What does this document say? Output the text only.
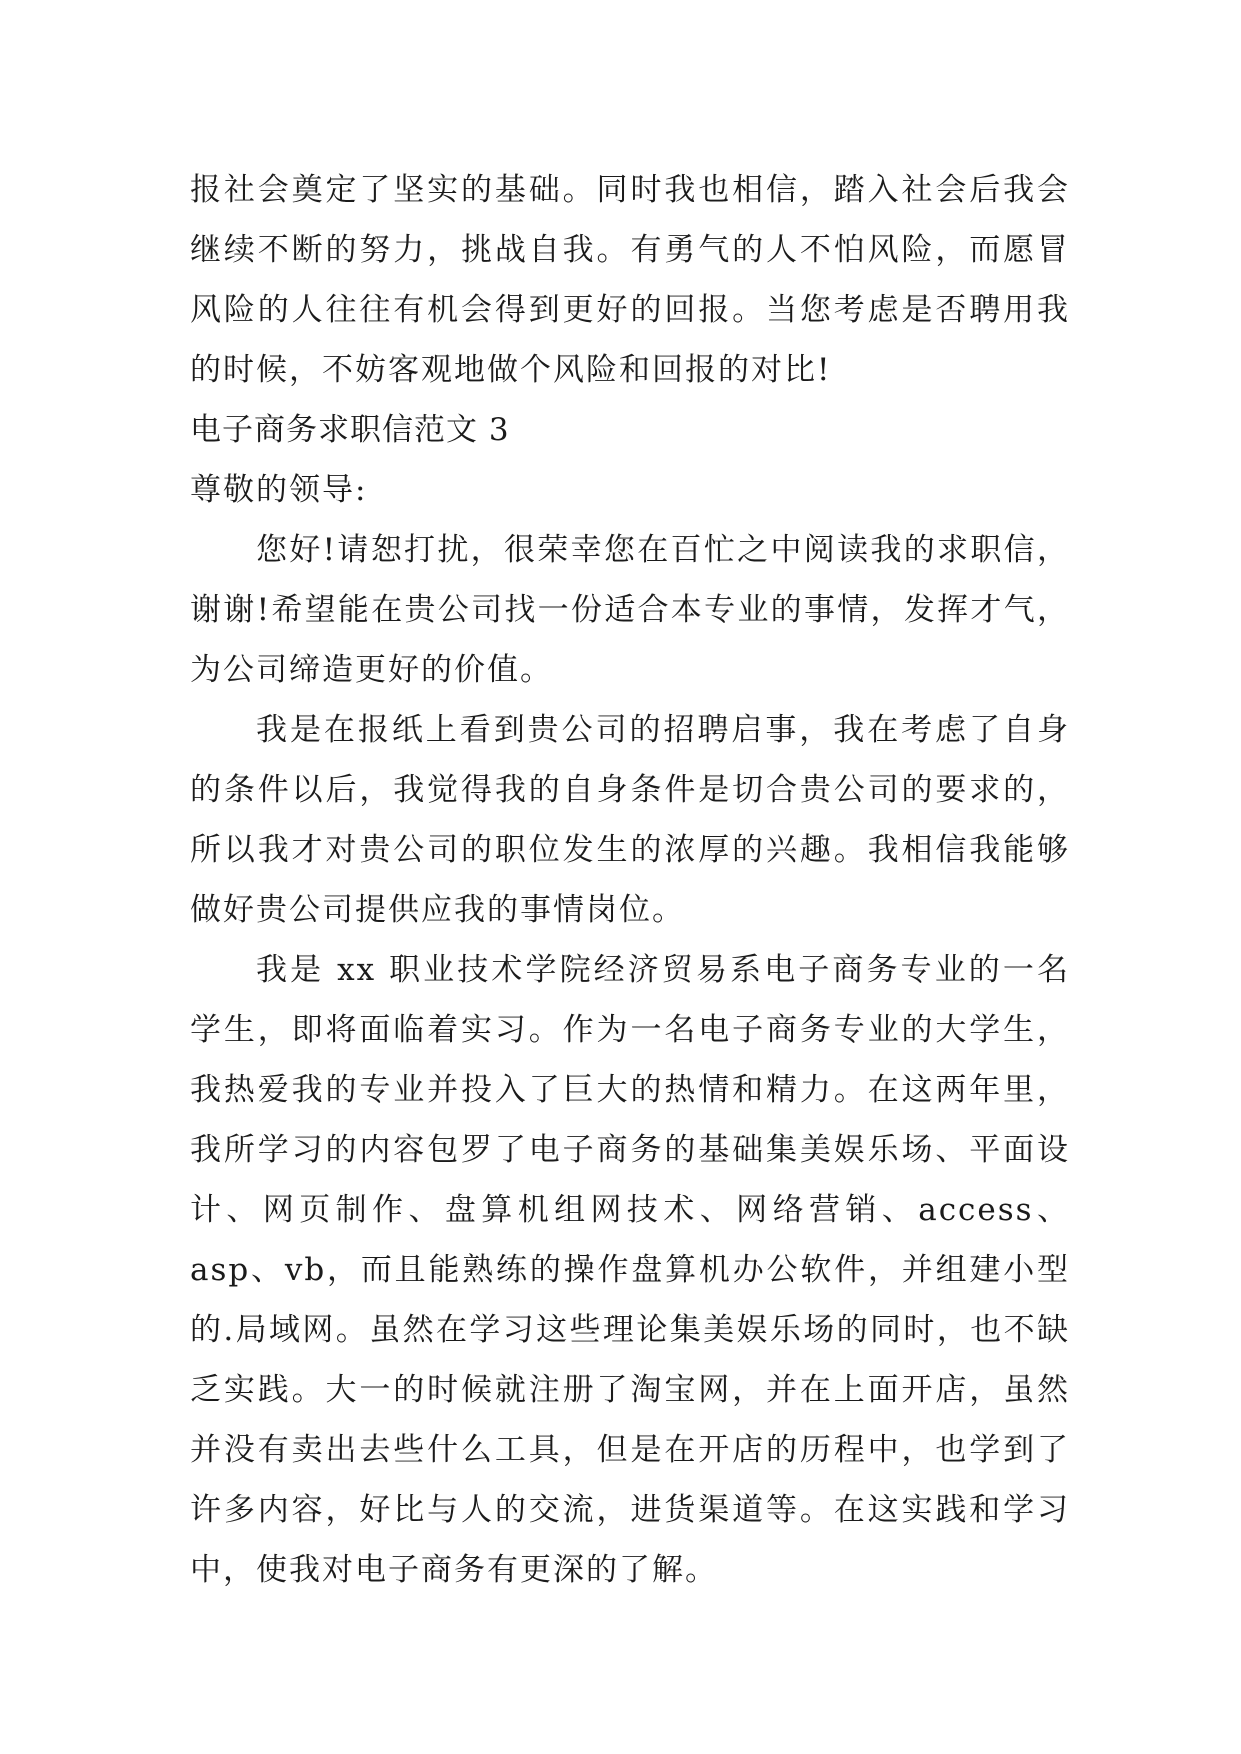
报社会奠定了坚实的基础。同时我也相信，踏入社会后我会继续不断的努力，挑战自我。有勇气的人不怕风险，而愿冒风险的人往往有机会得到更好的回报。当您考虑是否聘用我的时候，不妨客观地做个风险和回报的对比!

电子商务求职信范文 3

尊敬的领导:

您好!请恕打扰，很荣幸您在百忙之中阅读我的求职信，谢谢!希望能在贵公司找一份适合本专业的事情，发挥才气，为公司缔造更好的价值。

我是在报纸上看到贵公司的招聘启事，我在考虑了自身的条件以后，我觉得我的自身条件是切合贵公司的要求的，所以我才对贵公司的职位发生的浓厚的兴趣。我相信我能够做好贵公司提供应我的事情岗位。

我是 xx 职业技术学院经济贸易系电子商务专业的一名学生，即将面临着实习。作为一名电子商务专业的大学生，我热爱我的专业并投入了巨大的热情和精力。在这两年里，我所学习的内容包罗了电子商务的基础集美娱乐场、平面设计、网页制作、盘算机组网技术、网络营销、access、asp、vb，而且能熟练的操作盘算机办公软件，并组建小型的.局域网。虽然在学习这些理论集美娱乐场的同时，也不缺乏实践。大一的时候就注册了淘宝网，并在上面开店，虽然并没有卖出去些什么工具，但是在开店的历程中，也学到了许多内容，好比与人的交流，进货渠道等。在这实践和学习中，使我对电子商务有更深的了解。
